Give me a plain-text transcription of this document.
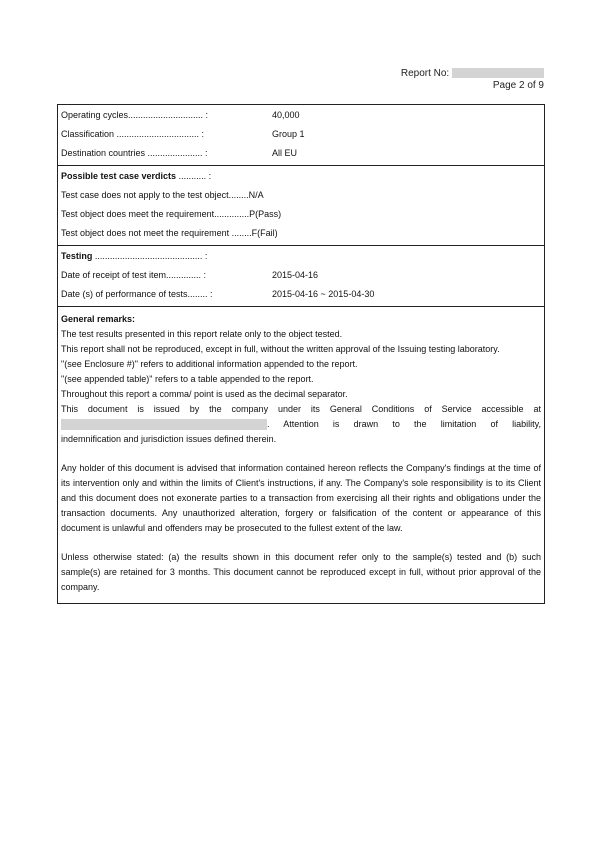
Report No:
Page 2 of 9
Operating cycles.............................. :	40,000
Classification ................................. :	Group 1
Destination countries ...................... :	All EU
Possible test case verdicts ........... :
Test case does not apply to the test object........N/A
Test object does meet the requirement..............P(Pass)
Test object does not meet the requirement ........F(Fail)
Testing ........................................... :
Date of receipt of test item.............. :	2015-04-16
Date (s) of performance of tests........ :	2015-04-16 ~ 2015-04-30

General remarks:

The test results presented in this report relate only to the object tested.

This report shall not be reproduced, except in full, without the written approval of the Issuing testing laboratory.

"(see Enclosure #)" refers to additional information appended to the report.

"(see appended table)" refers to a table appended to the report.

Throughout this report a comma/ point is used as the decimal separator.

This document is issued by the company under its General Conditions of Service accessible at

. Attention is drawn to the limitation of liability,

indemnification and jurisdiction issues defined therein.

Any holder of this document is advised that information contained hereon reflects the Company's findings at the time of its intervention only and within the limits of Client's instructions, if any. The Company's sole responsibility is to its Client and this document does not exonerate parties to a transaction from exercising all their rights and obligations under the transaction documents. Any unauthorized alteration, forgery or falsification of the content or appearance of this document is unlawful and offenders may be prosecuted to the fullest extent of the law.

Unless otherwise stated: (a) the results shown in this document refer only to the sample(s) tested and (b) such sample(s) are retained for 3 months. This document cannot be reproduced except in full, without prior approval of the company.
